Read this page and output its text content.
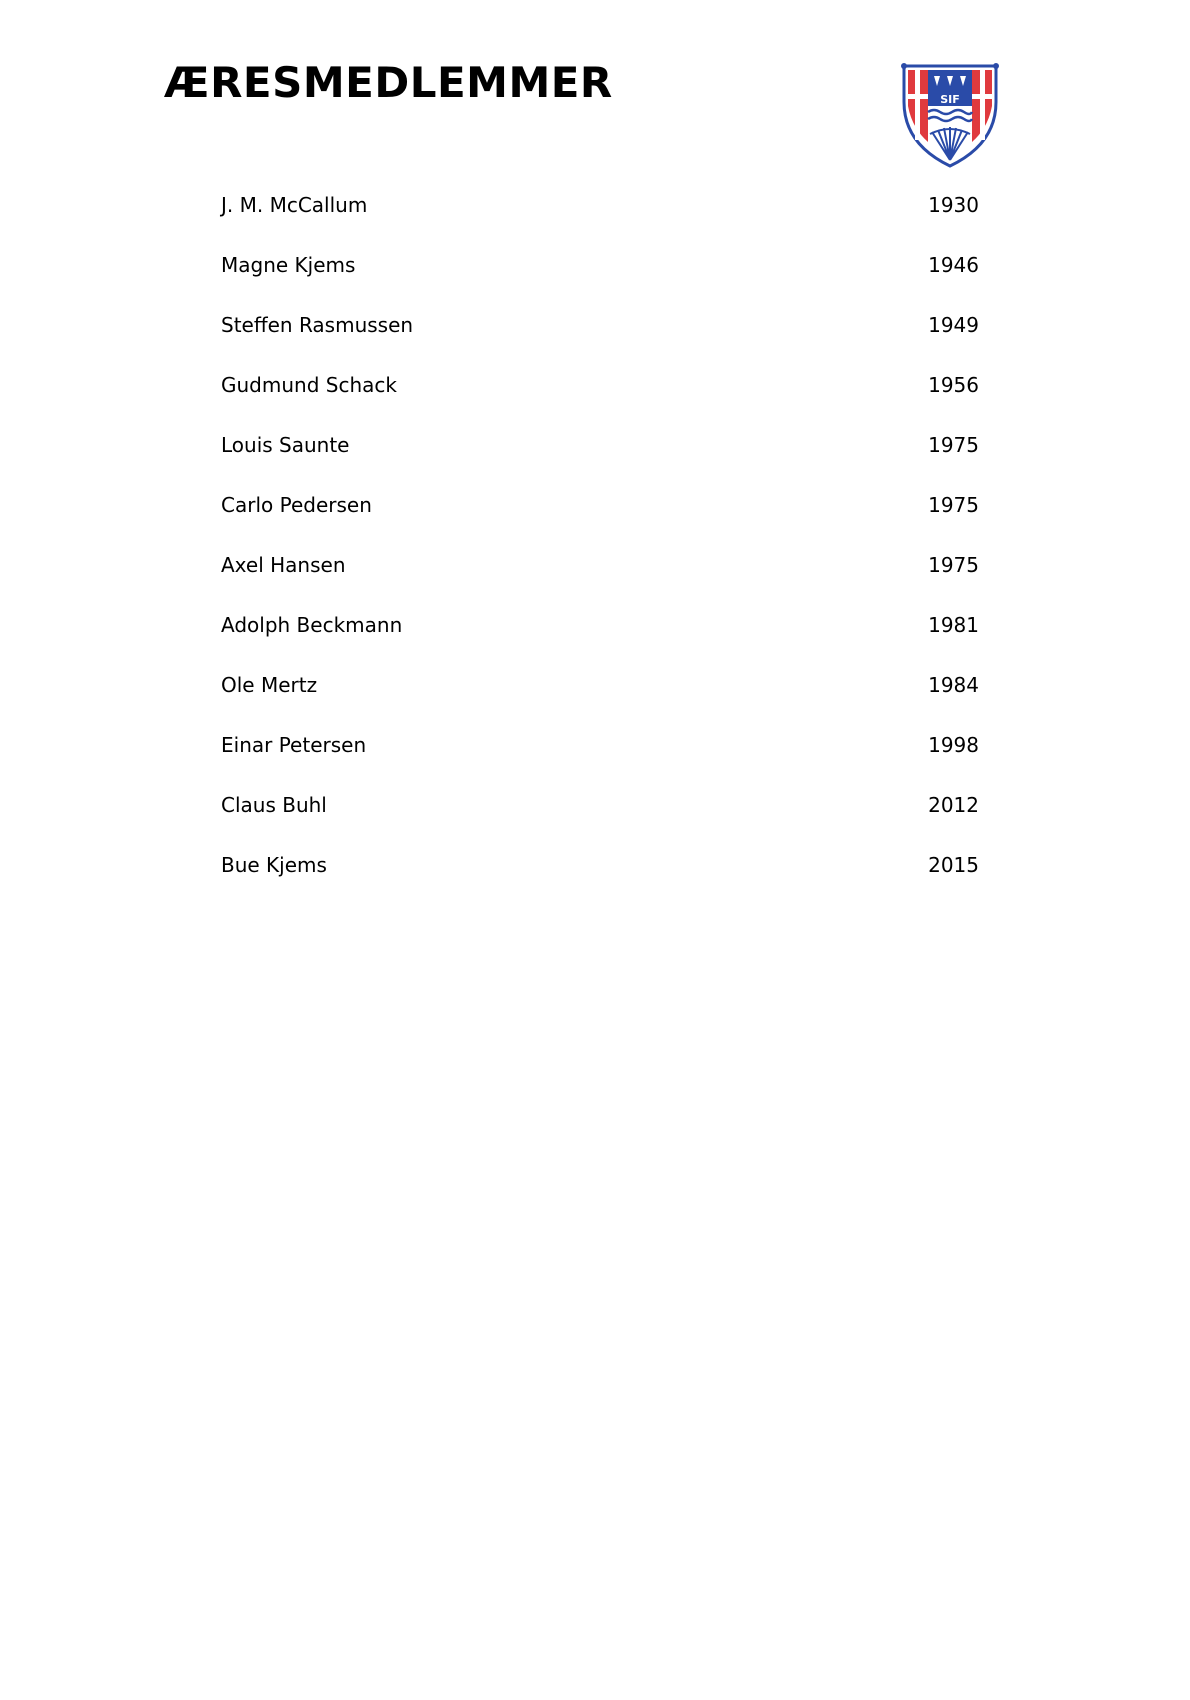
ÆRESMEDLEMMER	SIF
J. M. McCallum	1930
Magne Kjems	1946
Steffen Rasmussen	1949
Gudmund Schack	1956
Louis Saunte	1975
Carlo Pedersen	1975
Axel Hansen	1975
Adolph Beckmann	1981
Ole Mertz	1984
Einar Petersen	1998
Claus Buhl	2012
Bue Kjems	2015
